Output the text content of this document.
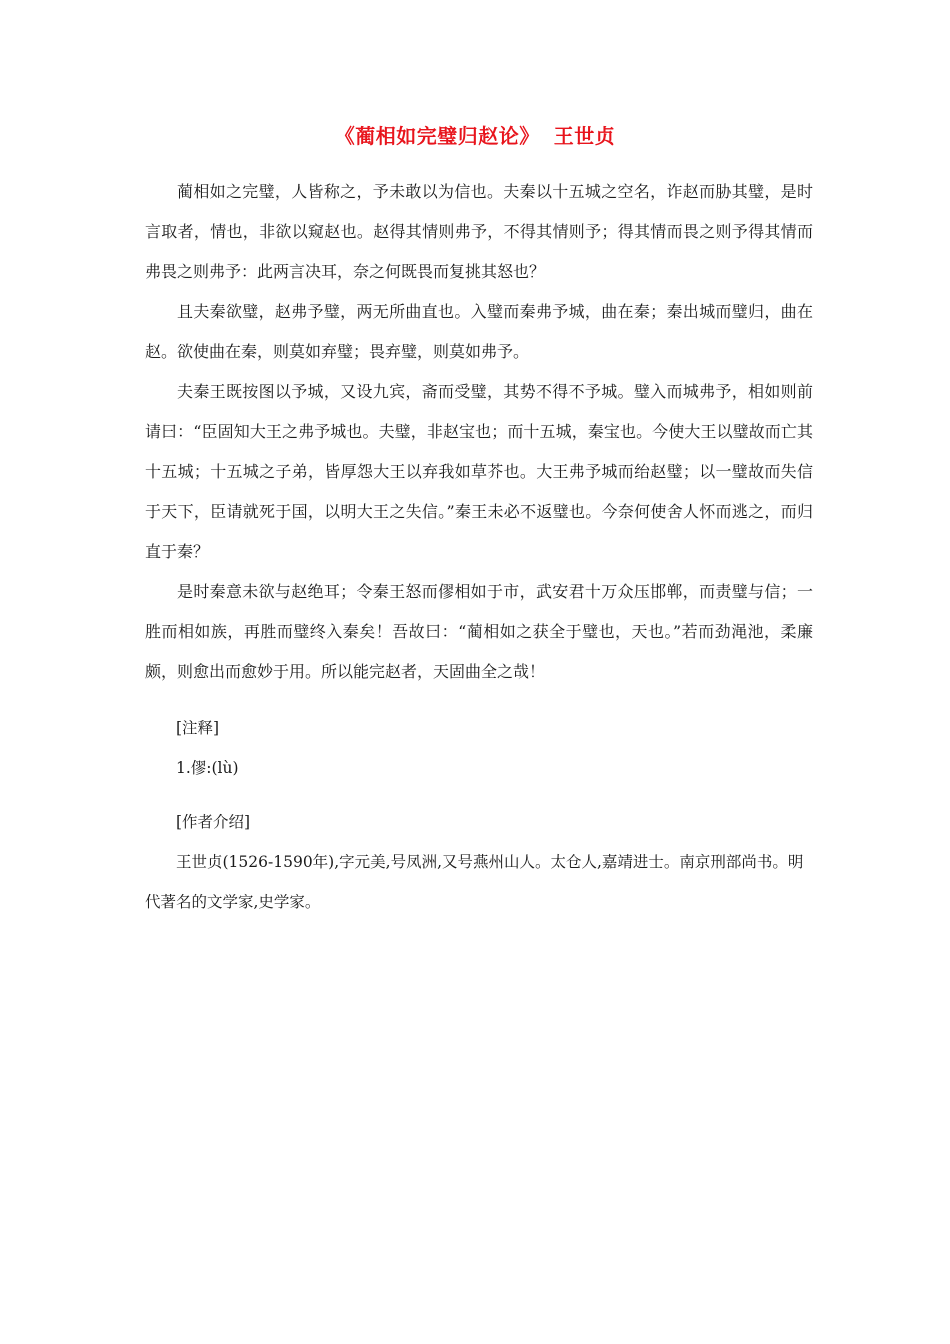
《蔺相如完璧归赵论》 王世贞

蔺相如之完璧，人皆称之，予未敢以为信也。夫秦以十五城之空名，诈赵而胁其璧，是时言取者，情也，非欲以窥赵也。赵得其情则弗予，不得其情则予；得其情而畏之则予得其情而弗畏之则弗予：此两言决耳，奈之何既畏而复挑其怒也？

且夫秦欲璧，赵弗予璧，两无所曲直也。入璧而秦弗予城，曲在秦；秦出城而璧归，曲在赵。欲使曲在秦，则莫如弃璧；畏弃璧，则莫如弗予。

夫秦王既按图以予城，又设九宾，斋而受璧，其势不得不予城。璧入而城弗予，相如则前请曰：“臣固知大王之弗予城也。夫璧，非赵宝也；而十五城，秦宝也。今使大王以璧故而亡其十五城；十五城之子弟，皆厚怨大王以弃我如草芥也。大王弗予城而绐赵璧；以一璧故而失信于天下，臣请就死于国，以明大王之失信。”秦王未必不返璧也。今奈何使舍人怀而逃之，而归直于秦？

是时秦意未欲与赵绝耳；令秦王怒而僇相如于市，武安君十万众压邯郸，而责璧与信；一胜而相如族，再胜而璧终入秦矣！吾故曰：“蔺相如之获全于璧也，天也。”若而劲渑池，柔廉颇，则愈出而愈妙于用。所以能完赵者，天固曲全之哉！

[注释]

1.僇:(lù)

[作者介绍]

王世贞(1526-1590年),字元美,号凤洲,又号燕州山人。太仓人,嘉靖进士。南京刑部尚书。明代著名的文学家,史学家。
